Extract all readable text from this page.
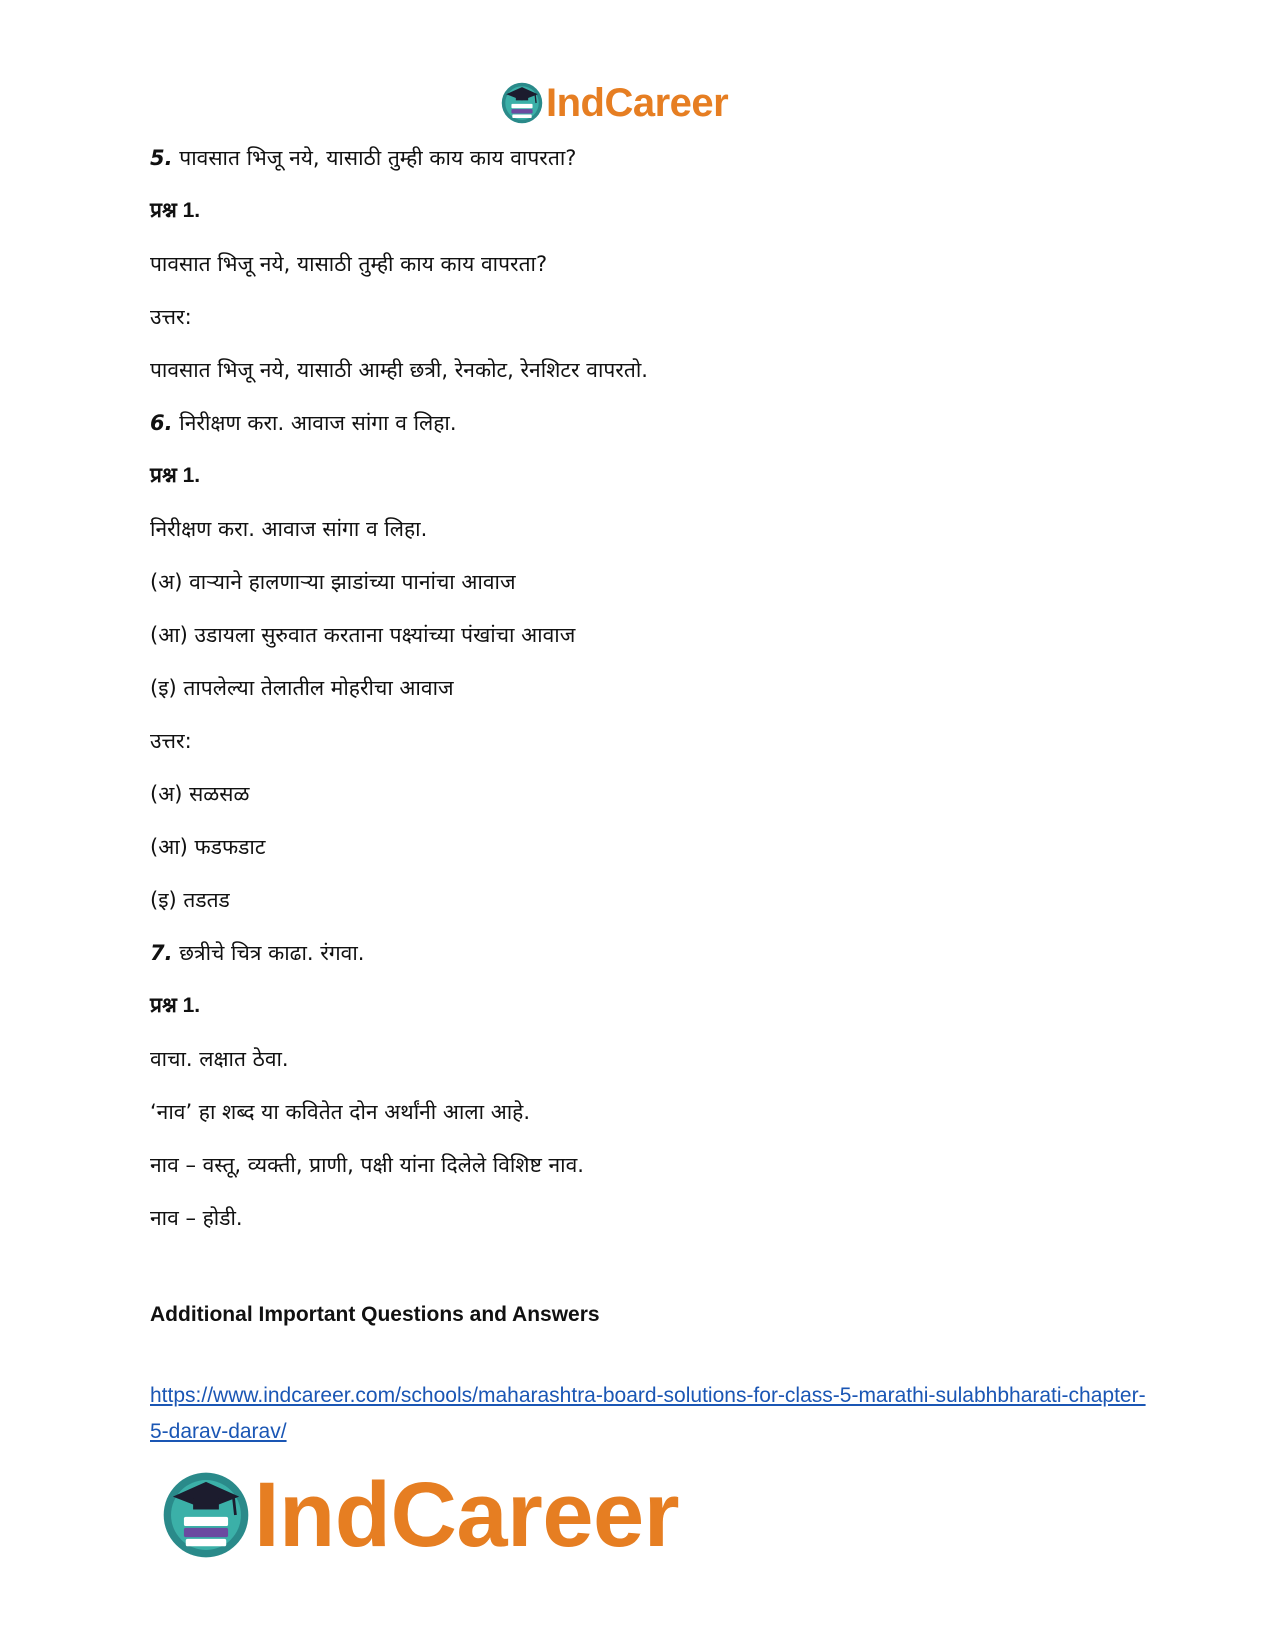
IndCareer
5. पावसात भिजू नये, यासाठी तुम्ही काय काय वापरता?
प्रश्न 1.
पावसात भिजू नये, यासाठी तुम्ही काय काय वापरता?
उत्तर:
पावसात भिजू नये, यासाठी आम्ही छत्री, रेनकोट, रेनशिटर वापरतो.
6. निरीक्षण करा. आवाज सांगा व लिहा.
प्रश्न 1.
निरीक्षण करा. आवाज सांगा व लिहा.
(अ) वाऱ्याने हालणाऱ्या झाडांच्या पानांचा आवाज
(आ) उडायला सुरुवात करताना पक्ष्यांच्या पंखांचा आवाज
(इ) तापलेल्या तेलातील मोहरीचा आवाज
उत्तर:
(अ) सळसळ
(आ) फडफडाट
(इ) तडतड
7. छत्रीचे चित्र काढा. रंगवा.
प्रश्न 1.
वाचा. लक्षात ठेवा.
‘नाव’ हा शब्द या कवितेत दोन अर्थांनी आला आहे.
नाव – वस्तू, व्यक्ती, प्राणी, पक्षी यांना दिलेले विशिष्ट नाव.
नाव – होडी.
Additional Important Questions and Answers
https://www.indcareer.com/schools/maharashtra-board-solutions-for-class-5-marathi-sulabhbharati-chapter-5-darav-darav/
IndCareer
